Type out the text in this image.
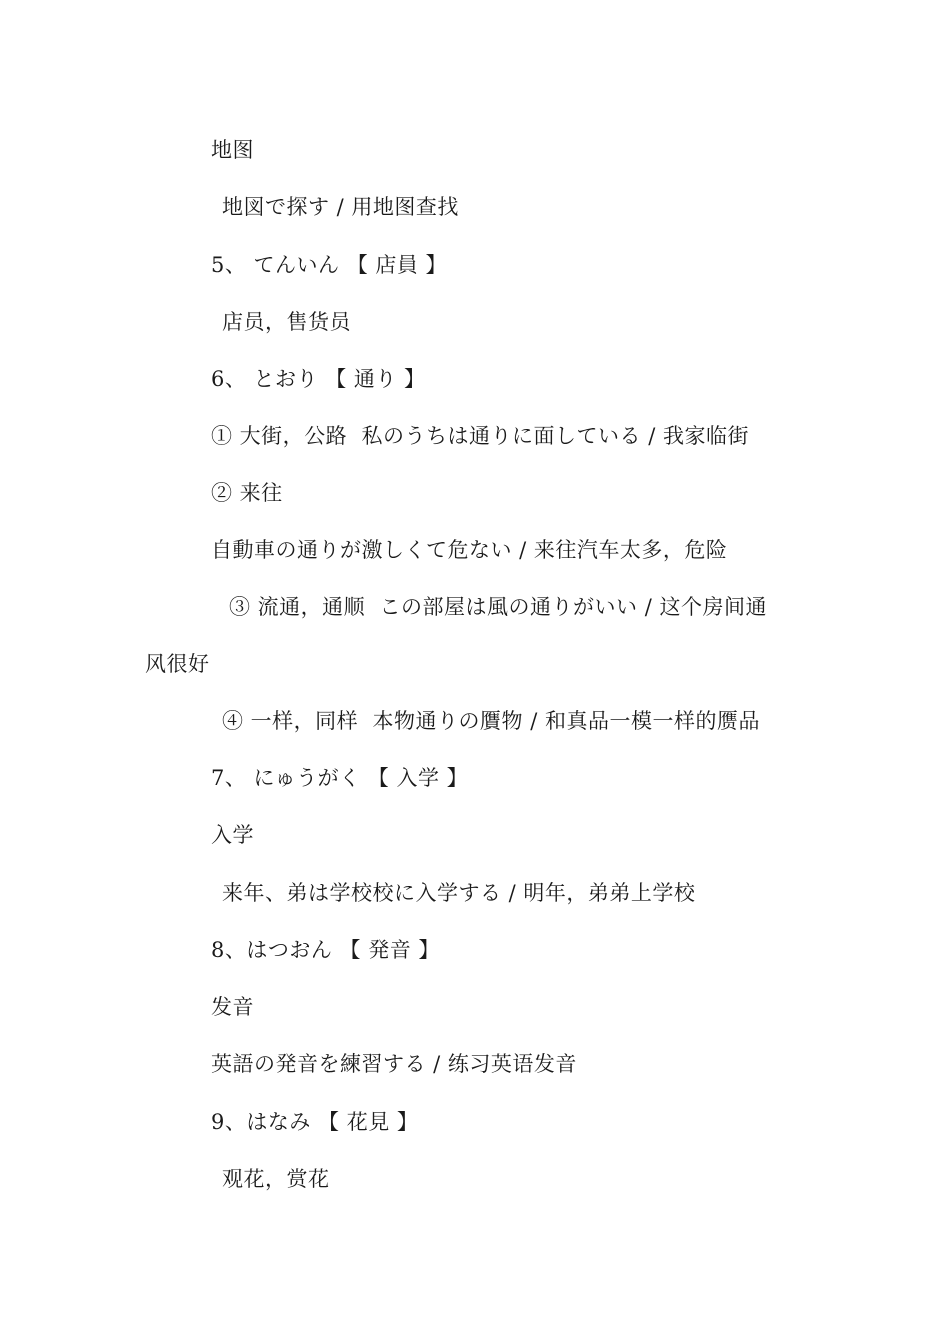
地图
地図で探す / 用地图查找
5、 てんいん 【 店員 】
店员，售货员
6、 とおり 【 通り 】
① 大街，公路  私のうちは通りに面している / 我家临街
② 来往
自動車の通りが激しくて危ない / 来往汽车太多，危险
③ 流通，通顺  この部屋は風の通りがいい / 这个房间通
风很好
④ 一样，同样  本物通りの贋物 / 和真品一模一样的赝品
7、 にゅうがく 【 入学 】
入学
来年、弟は学校校に入学する / 明年，弟弟上学校
8、はつおん 【 発音 】
发音
英語の発音を練習する / 练习英语发音
9、はなみ 【 花見 】
观花，赏花
